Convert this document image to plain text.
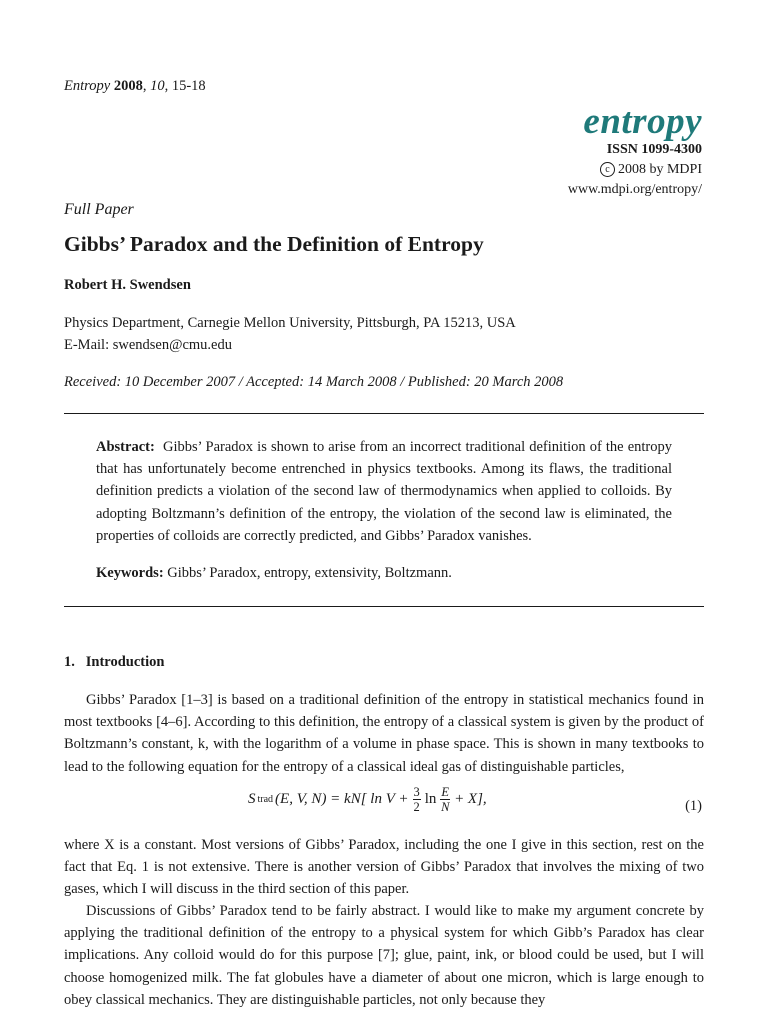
Entropy 2008, 10, 15-18
entropy
ISSN 1099-4300
c 2008 by MDPI
www.mdpi.org/entropy/
Full Paper
Gibbs’ Paradox and the Definition of Entropy
Robert H. Swendsen
Physics Department, Carnegie Mellon University, Pittsburgh, PA 15213, USA
E-Mail: swendsen@cmu.edu
Received: 10 December 2007 / Accepted: 14 March 2008 / Published: 20 March 2008
Abstract: Gibbs’ Paradox is shown to arise from an incorrect traditional definition of the entropy that has unfortunately become entrenched in physics textbooks. Among its flaws, the traditional definition predicts a violation of the second law of thermodynamics when applied to colloids. By adopting Boltzmann’s definition of the entropy, the violation of the second law is eliminated, the properties of colloids are correctly predicted, and Gibbs’ Paradox vanishes.
Keywords: Gibbs’ Paradox, entropy, extensivity, Boltzmann.
1.   Introduction
Gibbs’ Paradox [1–3] is based on a traditional definition of the entropy in statistical mechanics found in most textbooks [4–6]. According to this definition, the entropy of a classical system is given by the product of Boltzmann’s constant, k, with the logarithm of a volume in phase space. This is shown in many textbooks to lead to the following equation for the entropy of a classical ideal gas of distinguishable particles,
S trad (E, V, N) = kN[ $\ln V + \frac{3}{2}$ $\ln \frac{E}{N} + X$],	(1)
where X is a constant. Most versions of Gibbs’ Paradox, including the one I give in this section, rest on the fact that Eq. 1 is not extensive. There is another version of Gibbs’ Paradox that involves the mixing of two gases, which I will discuss in the third section of this paper.
Discussions of Gibbs’ Paradox tend to be fairly abstract. I would like to make my argument concrete by applying the traditional definition of the entropy to a physical system for which Gibb’s Paradox has clear implications. Any colloid would do for this purpose [7]; glue, paint, ink, or blood could be used, but I will choose homogenized milk. The fat globules have a diameter of about one micron, which is large enough to obey classical mechanics. They are distinguishable particles, not only because they
